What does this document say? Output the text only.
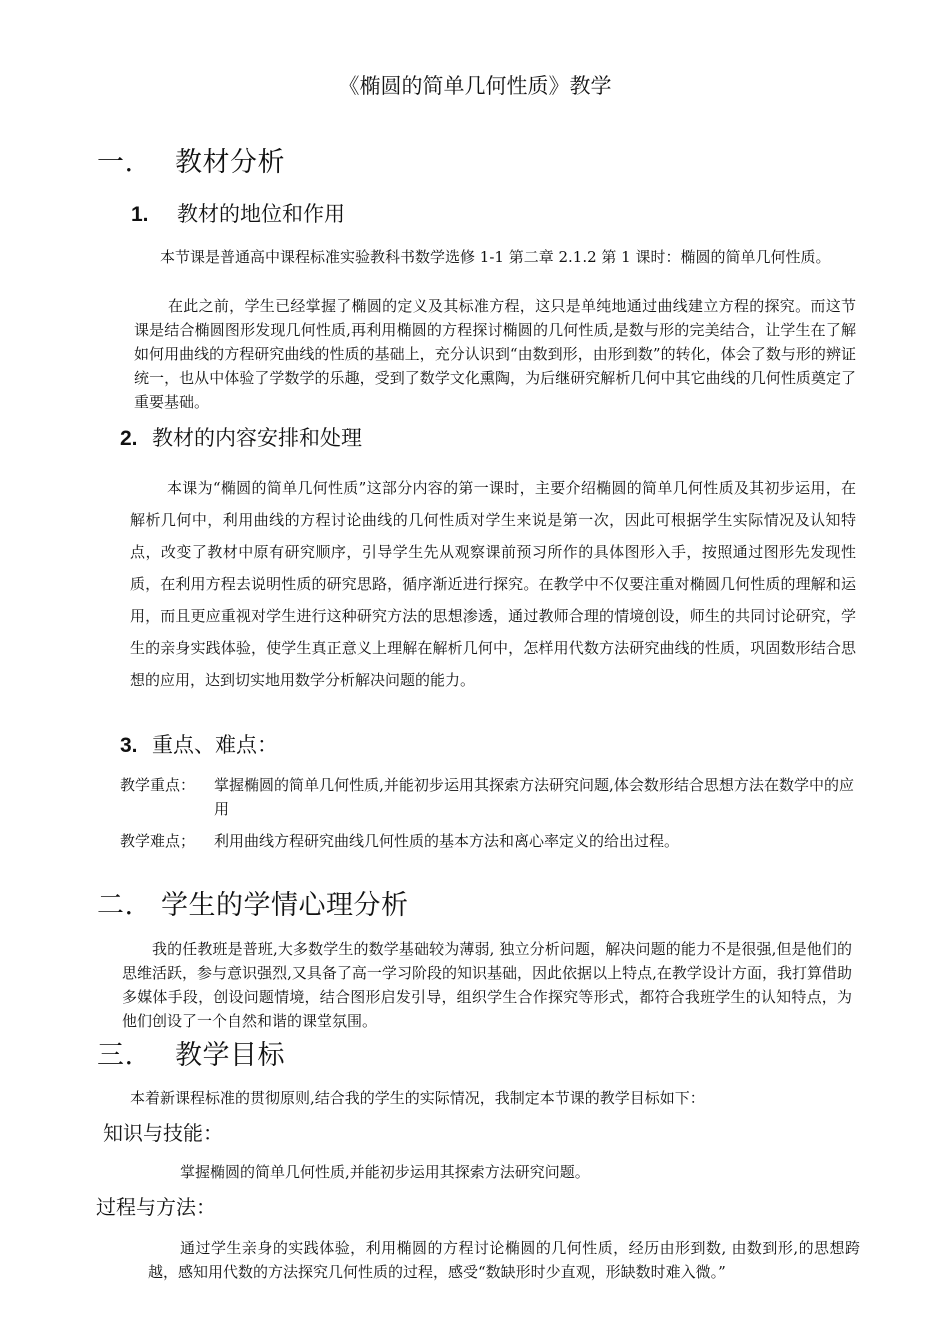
《椭圆的简单几何性质》教学
一. 教材分析
1. 教材的地位和作用
本节课是普通高中课程标准实验教科书数学选修 1-1 第二章 2.1.2 第 1 课时：椭圆的简单几何性质。
在此之前，学生已经掌握了椭圆的定义及其标准方程，这只是单纯地通过曲线建立方程的探究。而这节课是结合椭圆图形发现几何性质,再利用椭圆的方程探讨椭圆的几何性质,是数与形的完美结合，让学生在了解如何用曲线的方程研究曲线的性质的基础上，充分认识到“由数到形，由形到数”的转化，体会了数与形的辨证统一，也从中体验了学数学的乐趣，受到了数学文化熏陶，为后继研究解析几何中其它曲线的几何性质奠定了重要基础。
2. 教材的内容安排和处理
本课为“椭圆的简单几何性质”这部分内容的第一课时，主要介绍椭圆的简单几何性质及其初步运用，在解析几何中，利用曲线的方程讨论曲线的几何性质对学生来说是第一次，因此可根据学生实际情况及认知特点，改变了教材中原有研究顺序，引导学生先从观察课前预习所作的具体图形入手，按照通过图形先发现性质，在利用方程去说明性质的研究思路，循序渐近进行探究。在教学中不仅要注重对椭圆几何性质的理解和运用，而且更应重视对学生进行这种研究方法的思想渗透，通过教师合理的情境创设，师生的共同讨论研究，学生的亲身实践体验，使学生真正意义上理解在解析几何中，怎样用代数方法研究曲线的性质，巩固数形结合思想的应用，达到切实地用数学分析解决问题的能力。
3. 重点、难点：
教学重点： 掌握椭圆的简单几何性质,并能初步运用其探索方法研究问题,体会数形结合思想方法在数学中的应用
教学难点； 利用曲线方程研究曲线几何性质的基本方法和离心率定义的给出过程。
二. 学生的学情心理分析
我的任教班是普班,大多数学生的数学基础较为薄弱, 独立分析问题，解决问题的能力不是很强,但是他们的思维活跃，参与意识强烈,又具备了高一学习阶段的知识基础，因此依据以上特点,在教学设计方面，我打算借助多媒体手段，创设问题情境，结合图形启发引导，组织学生合作探究等形式，都符合我班学生的认知特点，为他们创设了一个自然和谐的课堂氛围。
三. 教学目标
本着新课程标准的贯彻原则,结合我的学生的实际情况，我制定本节课的教学目标如下：
知识与技能：
掌握椭圆的简单几何性质,并能初步运用其探索方法研究问题。
过程与方法：
通过学生亲身的实践体验，利用椭圆的方程讨论椭圆的几何性质，经历由形到数, 由数到形,的思想跨越，感知用代数的方法探究几何性质的过程，感受“数缺形时少直观，形缺数时难入微。”
